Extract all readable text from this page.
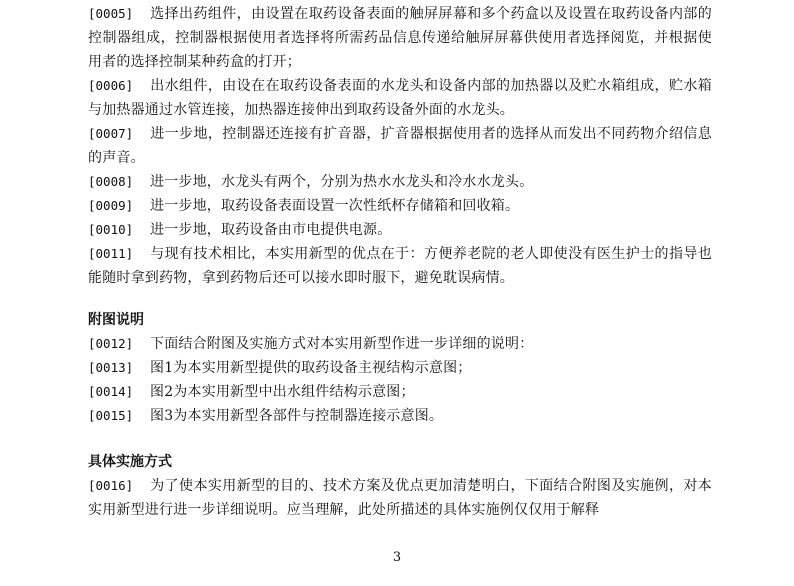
[0005] 选择出药组件，由设置在取药设备表面的触屏屏幕和多个药盒以及设置在取药设备内部的控制器组成，控制器根据使用者选择将所需药品信息传递给触屏屏幕供使用者选择阅览，并根据使用者的选择控制某种药盒的打开；

[0006] 出水组件，由设在在取药设备表面的水龙头和设备内部的加热器以及贮水箱组成，贮水箱与加热器通过水管连接，加热器连接伸出到取药设备外面的水龙头。

[0007] 进一步地，控制器还连接有扩音器，扩音器根据使用者的选择从而发出不同药物介绍信息的声音。

[0008] 进一步地，水龙头有两个，分别为热水水龙头和冷水水龙头。

[0009] 进一步地，取药设备表面设置一次性纸杯存储箱和回收箱。

[0010] 进一步地，取药设备由市电提供电源。

[0011] 与现有技术相比，本实用新型的优点在于：方便养老院的老人即使没有医生护士的指导也能随时拿到药物，拿到药物后还可以接水即时服下，避免耽误病情。

附图说明

[0012] 下面结合附图及实施方式对本实用新型作进一步详细的说明：

[0013] 图1为本实用新型提供的取药设备主视结构示意图；

[0014] 图2为本实用新型中出水组件结构示意图；

[0015] 图3为本实用新型各部件与控制器连接示意图。

具体实施方式

[0016] 为了使本实用新型的目的、技术方案及优点更加清楚明白，下面结合附图及实施例，对本实用新型进行进一步详细说明。应当理解，此处所描述的具体实施例仅仅用于解释

3
